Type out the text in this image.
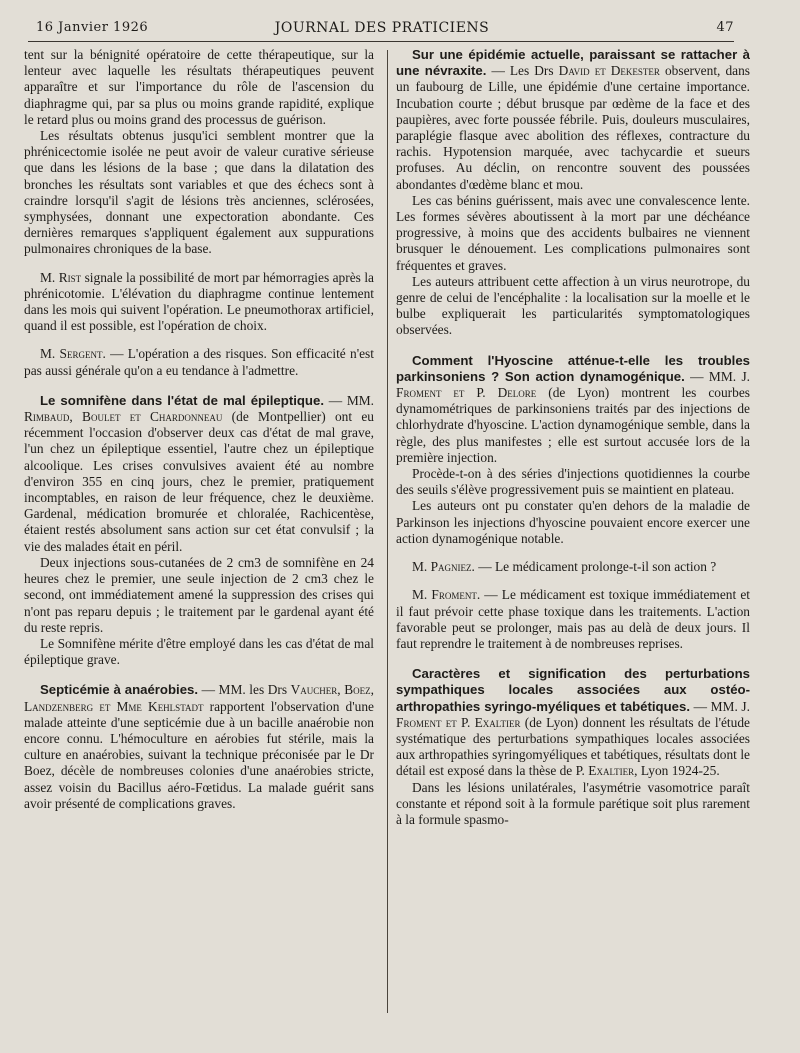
16 Janvier 1926	JOURNAL DES PRATICIENS	47

tent sur la bénignité opératoire de cette thérapeutique, sur la lenteur avec laquelle les résultats thérapeutiques peuvent apparaître et sur l'importance du rôle de l'ascension du diaphragme qui, par sa plus ou moins grande rapidité, explique le retard plus ou moins grand des processus de guérison.

Les résultats obtenus jusqu'ici semblent montrer que la phrénicectomie isolée ne peut avoir de valeur curative sérieuse que dans les lésions de la base ; que dans la dilatation des bronches les résultats sont variables et que des échecs sont à craindre lorsqu'il s'agit de lésions très anciennes, sclérosées, symphysées, donnant une expectoration abondante. Ces dernières remarques s'appliquent également aux suppurations pulmonaires chroniques de la base.

M. Rist signale la possibilité de mort par hémorragies après la phrénicotomie. L'élévation du diaphragme continue lentement dans les mois qui suivent l'opération. Le pneumothorax artificiel, quand il est possible, est l'opération de choix.

M. Sergent. — L'opération a des risques. Son efficacité n'est pas aussi générale qu'on a eu tendance à l'admettre.

Le somnifène dans l'état de mal épileptique. — MM. Rimbaud, Boulet et Chardonneau (de Montpellier) ont eu récemment l'occasion d'observer deux cas d'état de mal grave, l'un chez un épileptique essentiel, l'autre chez un épileptique alcoolique. Les crises convulsives avaient été au nombre d'environ 355 en cinq jours, chez le premier, pratiquement incomptables, en raison de leur fréquence, chez le deuxième. Gardenal, médication bromurée et chloralée, Rachicentèse, étaient restés absolument sans action sur cet état convulsif ; la vie des malades était en péril.

Deux injections sous-cutanées de 2 cm3 de somnifène en 24 heures chez le premier, une seule injection de 2 cm3 chez le second, ont immédiatement amené la suppression des crises qui n'ont pas reparu depuis ; le traitement par le gardenal ayant été du reste repris.

Le Somnifène mérite d'être employé dans les cas d'état de mal épileptique grave.

Septicémie à anaérobies. — MM. les Drs Vaucher, Boez, Landzenberg et Mme Kehlstadt rapportent l'observation d'une malade atteinte d'une septicémie due à un bacille anaérobie non encore connu. L'hémoculture en aérobies fut stérile, mais la culture en anaérobies, suivant la technique préconisée par le Dr Boez, décèle de nombreuses colonies d'une anaérobies stricte, assez voisin du Bacillus aéro-Fœtidus. La malade guérit sans avoir présenté de complications graves.

Sur une épidémie actuelle, paraissant se rattacher à une névraxite. — Les Drs David et Dekester observent, dans un faubourg de Lille, une épidémie d'une certaine importance. Incubation courte ; début brusque par œdème de la face et des paupières, avec forte poussée fébrile. Puis, douleurs musculaires, paraplégie flasque avec abolition des réflexes, contracture du rachis. Hypotension marquée, avec tachycardie et sueurs profuses. Au déclin, on rencontre souvent des poussées abondantes d'œdème blanc et mou.

Les cas bénins guérissent, mais avec une convalescence lente. Les formes sévères aboutissent à la mort par une déchéance progressive, à moins que des accidents bulbaires ne viennent brusquer le dénouement. Les complications pulmonaires sont fréquentes et graves.

Les auteurs attribuent cette affection à un virus neurotrope, du genre de celui de l'encéphalite : la localisation sur la moelle et le bulbe expliquerait les particularités symptomatologiques observées.

Comment l'Hyoscine atténue-t-elle les troubles parkinsoniens ? Son action dynamogénique. — MM. J. Froment et P. Delore (de Lyon) montrent les courbes dynamométriques de parkinsoniens traités par des injections de chlorhydrate d'hyoscine. L'action dynamogénique semble, dans la règle, des plus manifestes ; elle est surtout accusée lors de la première injection.

Procède-t-on à des séries d'injections quotidiennes la courbe des seuils s'élève progressivement puis se maintient en plateau.

Les auteurs ont pu constater qu'en dehors de la maladie de Parkinson les injections d'hyoscine pouvaient encore exercer une action dynamogénique notable.

M. Pagniez. — Le médicament prolonge-t-il son action ?

M. Froment. — Le médicament est toxique immédiatement et il faut prévoir cette phase toxique dans les traitements. L'action favorable peut se prolonger, mais pas au delà de deux jours. Il faut reprendre le traitement à de nombreuses reprises.

Caractères et signification des perturbations sympathiques locales associées aux ostéo-arthropathies syringo-myéliques et tabétiques. — MM. J. Froment et P. Exaltier (de Lyon) donnent les résultats de l'étude systématique des perturbations sympathiques locales associées aux arthropathies syringomyéliques et tabétiques, résultats dont le détail est exposé dans la thèse de P. Exaltier, Lyon 1924-25.

Dans les lésions unilatérales, l'asymétrie vasomotrice paraît constante et répond soit à la formule parétique soit plus rarement à la formule spasmo-
